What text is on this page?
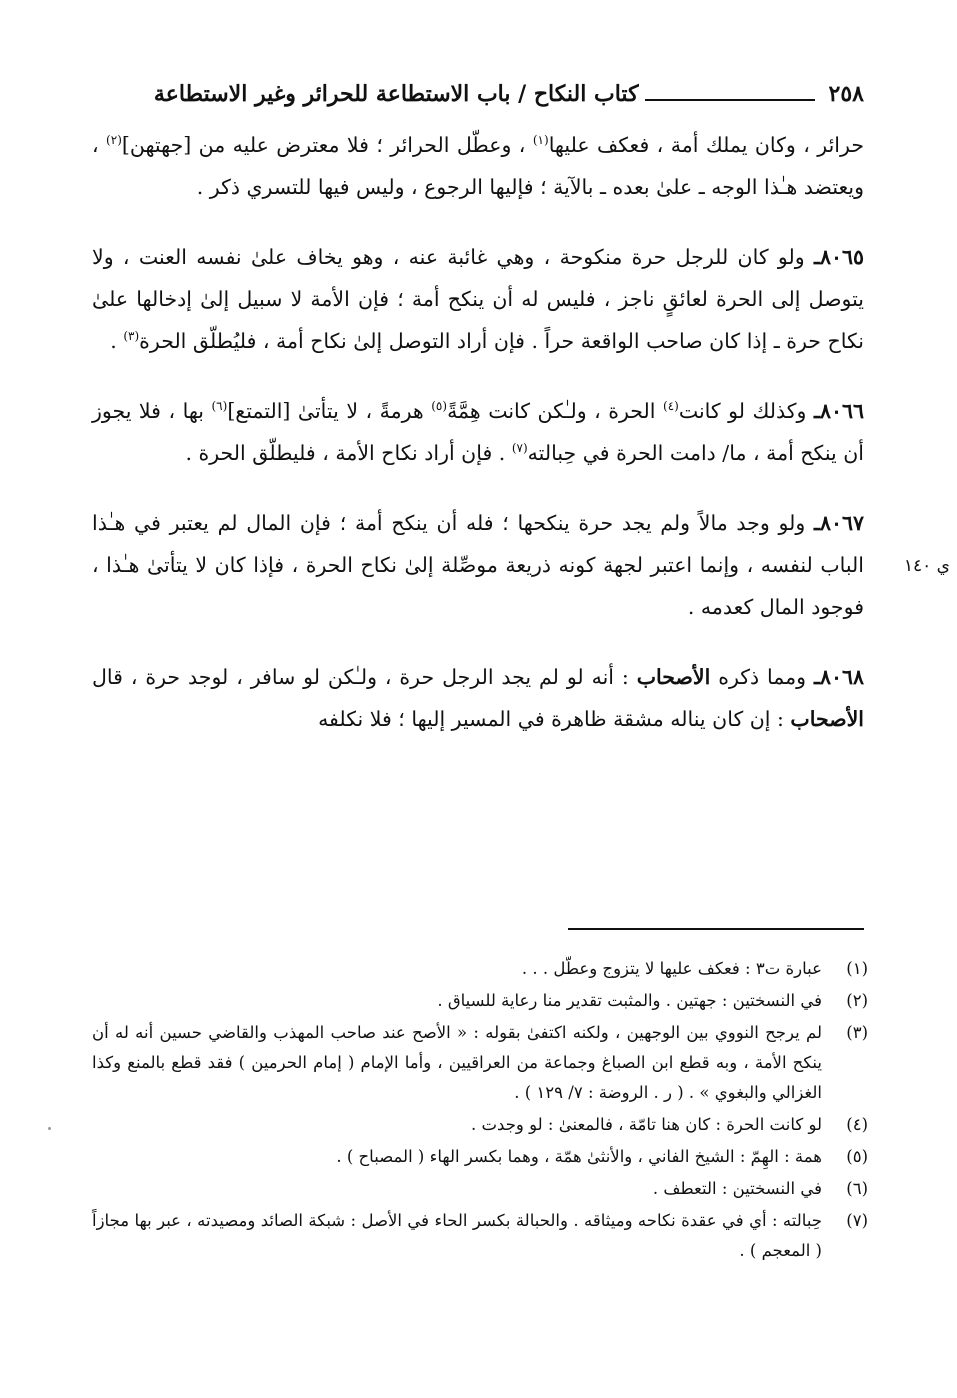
٢٥٨
كتاب النكاح / باب الاستطاعة للحرائر وغير الاستطاعة
ي ١٤٠

حرائر ، وكان يملك أمة ، فعكف عليها$^{(١)}$ ، وعطّل الحرائر ؛ فلا معترض عليه من [جهتهن]$^{(٢)}$ ، ويعتضد هـٰذا الوجه ـ علىٰ بعده ـ بالآية ؛ فإليها الرجوع ، وليس فيها للتسري ذكر .

٨٠٦٥ـ ولو كان للرجل حرة منكوحة ، وهي غائبة عنه ، وهو يخاف علىٰ نفسه العنت ، ولا يتوصل إلى الحرة لعائقٍ ناجز ، فليس له أن ينكح أمة ؛ فإن الأمة لا سبيل إلىٰ إدخالها علىٰ نكاح حرة ـ إذا كان صاحب الواقعة حراً . فإن أراد التوصل إلىٰ نكاح أمة ، فليُطلّق الحرة$^{(٣)}$ .

٨٠٦٦ـ وكذلك لو كانت$^{(٤)}$ الحرة ، ولـٰكن كانت هِمَّةً$^{(٥)}$ هرمةً ، لا يتأتىٰ [التمتع]$^{(٦)}$ بها ، فلا يجوز أن ينكح أمة ، ما/ دامت الحرة في حِبالته$^{(٧)}$ . فإن أراد نكاح الأمة ، فليطلّق الحرة .

٨٠٦٧ـ ولو وجد مالاً ولم يجد حرة ينكحها ؛ فله أن ينكح أمة ؛ فإن المال لم يعتبر في هـٰذا الباب لنفسه ، وإنما اعتبر لجهة كونه ذريعة موصِّلة إلىٰ نكاح الحرة ، فإذا كان لا يتأتىٰ هـٰذا ، فوجود المال كعدمه .

٨٠٦٨ـ ومما ذكره الأصحاب : أنه لو لم يجد الرجل حرة ، ولـٰكن لو سافر ، لوجد حرة ، قال الأصحاب : إن كان يناله مشقة ظاهرة في المسير إليها ؛ فلا نكلفه

(١)
عبارة ت٣ : فعكف عليها لا يتزوج وعطّل . . .
(٢)
في النسختين : جهتين . والمثبت تقدير منا رعاية للسياق .
(٣)
لم يرجح النووي بين الوجهين ، ولكنه اكتفىٰ بقوله : « الأصح عند صاحب المهذب والقاضي حسين أنه له أن ينكح الأمة ، وبه قطع ابن الصباغ وجماعة من العراقيين ، وأما الإمام ( إمام الحرمين ) فقد قطع بالمنع وكذا الغزالي والبغوي » . ( ر . الروضة : ٧/ ١٢٩ ) .
(٤)
لو كانت الحرة : كان هنا تامّة ، فالمعنىٰ : لو وجدت .
(٥)
همة : الهِمّ : الشيخ الفاني ، والأنثىٰ همّة ، وهما بكسر الهاء ( المصباح ) .
(٦)
في النسختين : التعطف .
(٧)
حِبالته : أي في عقدة نكاحه وميثاقه . والحبالة بكسر الحاء في الأصل : شبكة الصائد ومصيدته ، عبر بها مجازاً ( المعجم ) .
